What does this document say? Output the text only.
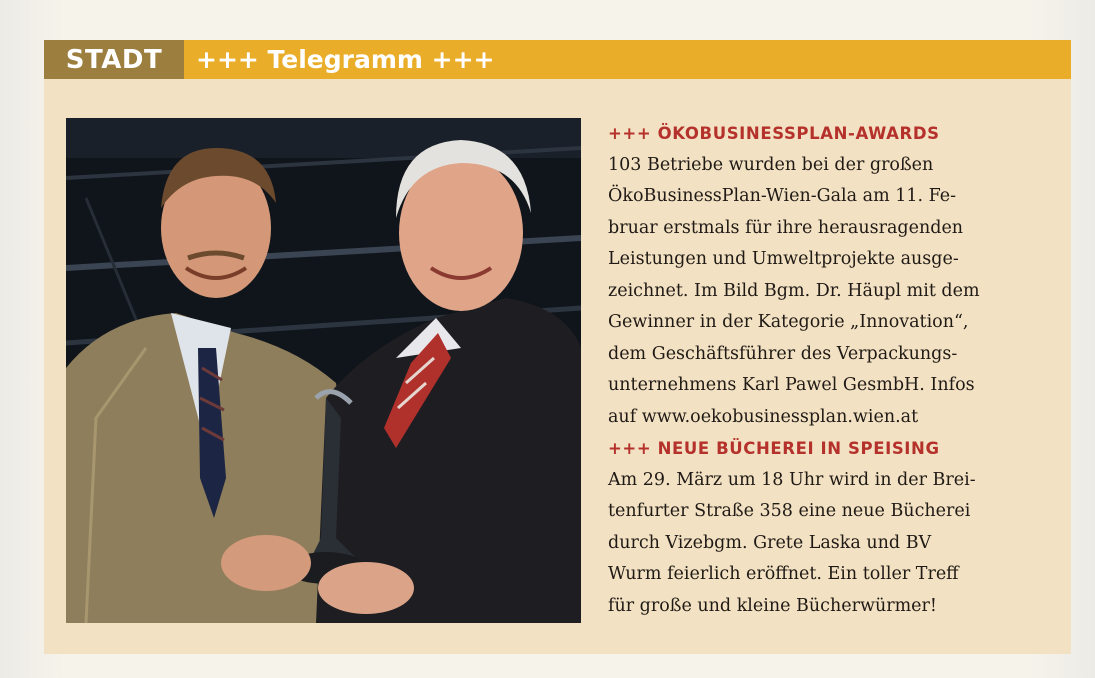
STADT	+++ Telegramm +++
+++ ÖKOBUSINESSPLAN-AWARDS
103 Betriebe wurden bei der großen
ÖkoBusinessPlan-Wien-Gala am 11. Fe-
bruar erstmals für ihre herausragenden
Leistungen und Umweltprojekte ausge-
zeichnet. Im Bild Bgm. Dr. Häupl mit dem
Gewinner in der Kategorie „Innovation“,
dem Geschäftsführer des Verpackungs-
unternehmens Karl Pawel GesmbH. Infos
auf www.oekobusinessplan.wien.at
+++ NEUE BÜCHEREI IN SPEISING
Am 29. März um 18 Uhr wird in der Brei-
tenfurter Straße 358 eine neue Bücherei
durch Vizebgm. Grete Laska und BV
Wurm feierlich eröffnet. Ein toller Treff
für große und kleine Bücherwürmer!
